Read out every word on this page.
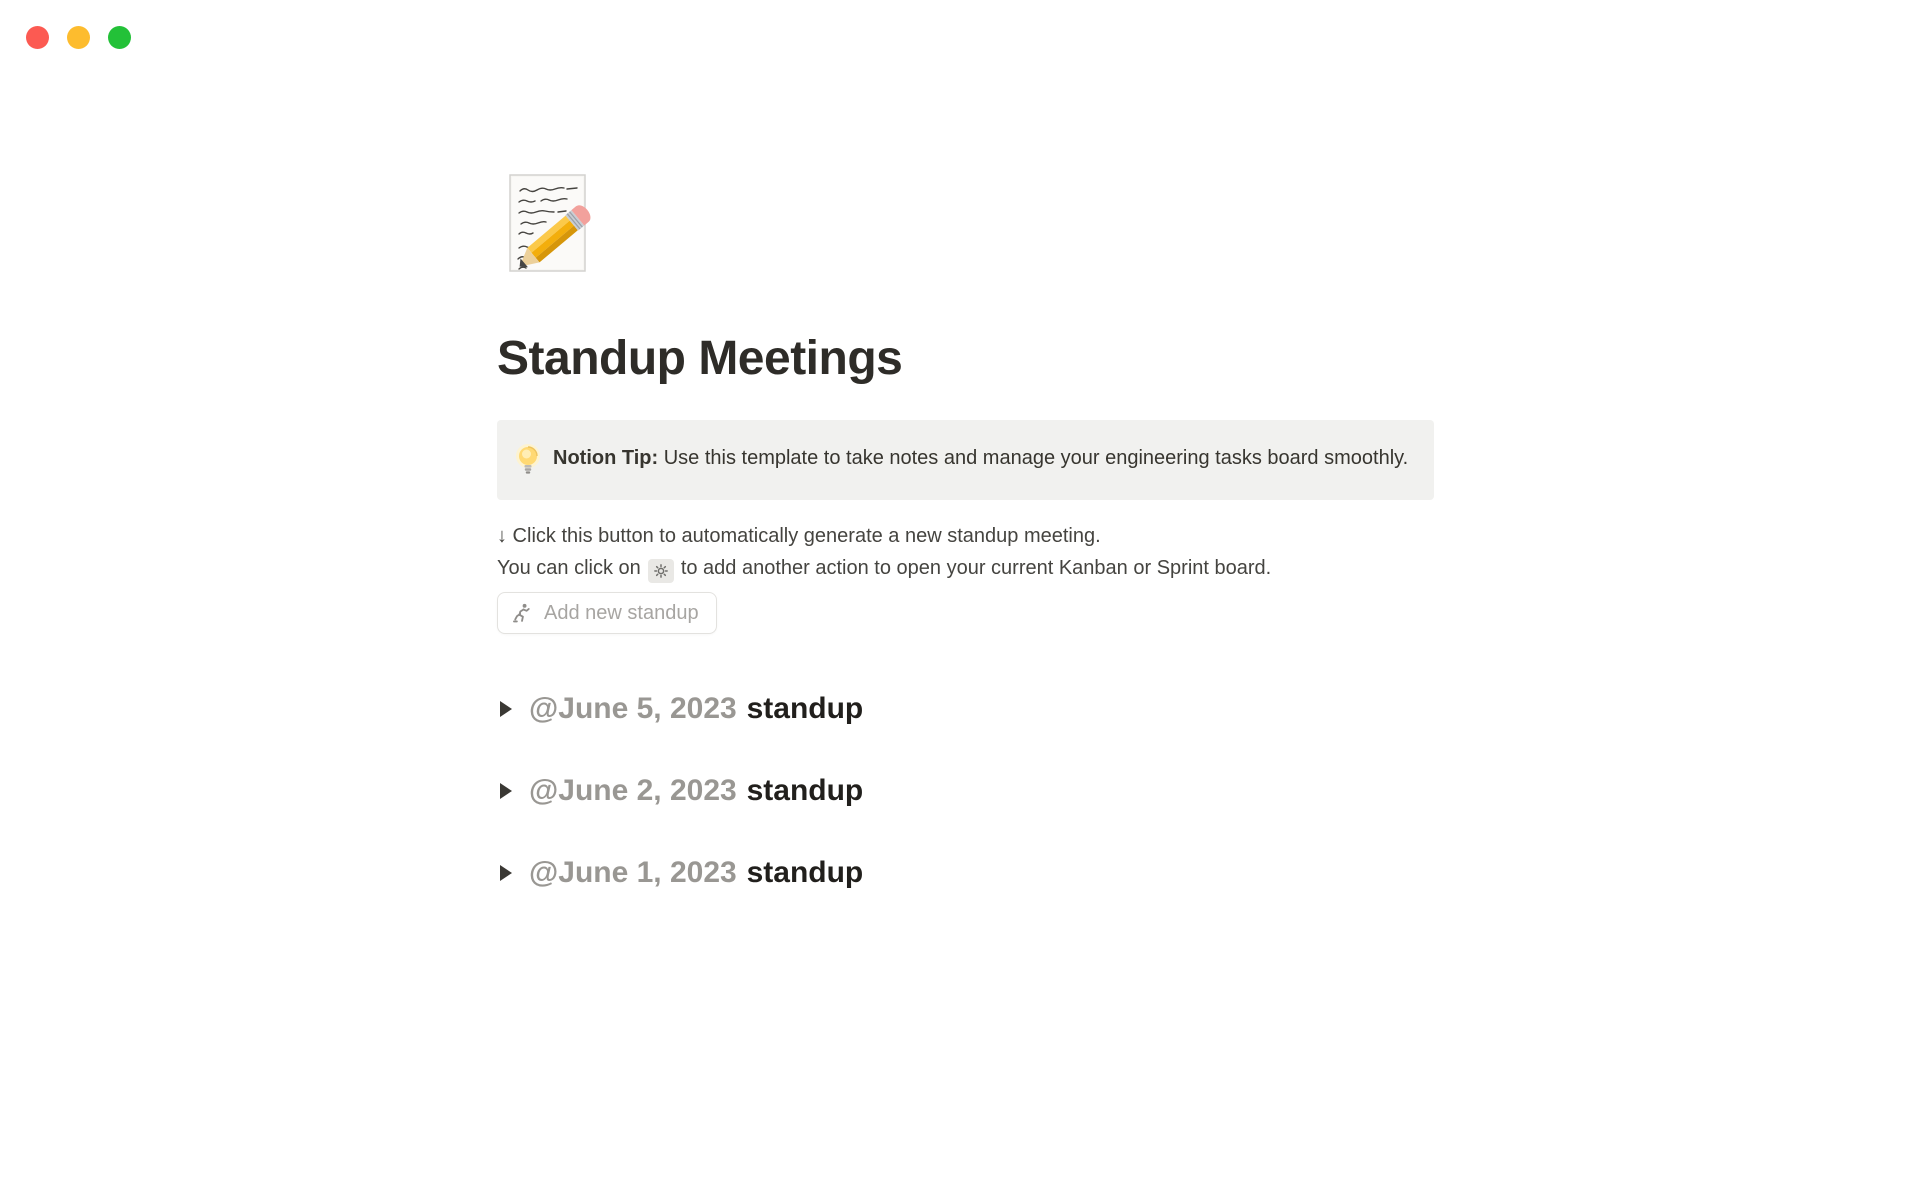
Standup Meetings
Notion Tip: Use this template to take notes and manage your engineering tasks board smoothly.

↓ Click this button to automatically generate a new standup meeting.

You can click on to add another action to open your current Kanban or Sprint board.

Add new standup
@June 5, 2023 standup
@June 2, 2023 standup
@June 1, 2023 standup
